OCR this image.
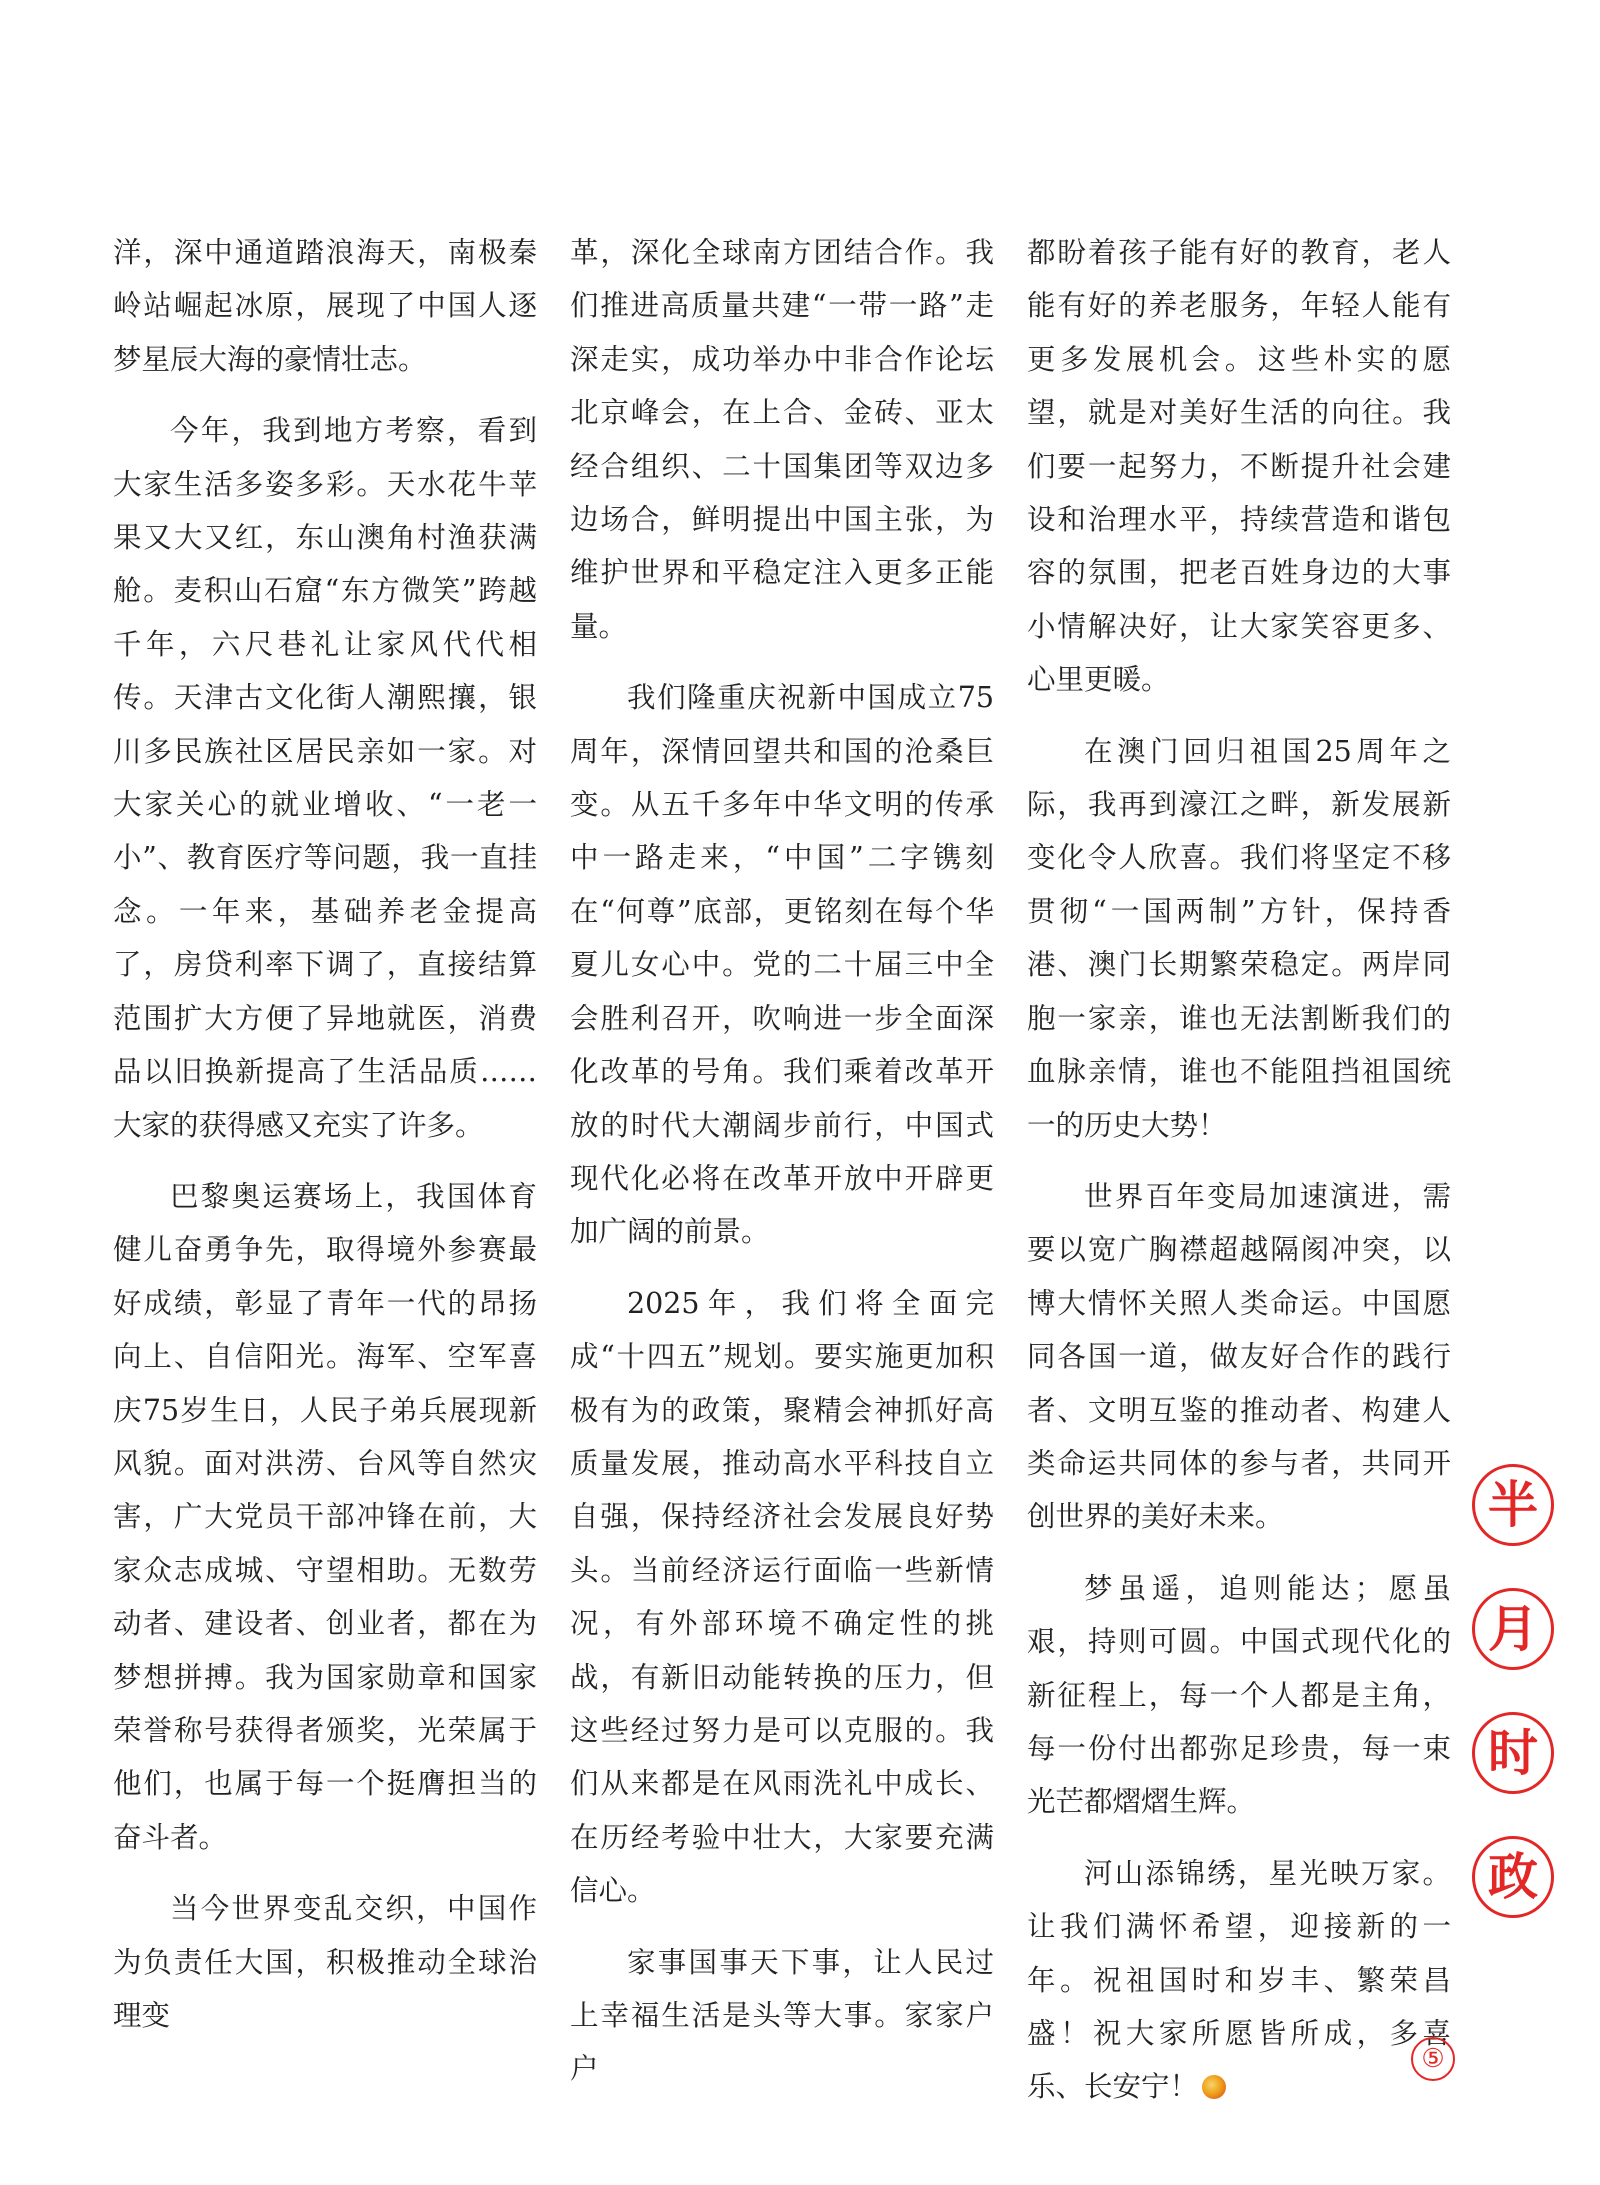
洋，深中通道踏浪海天，南极秦岭站崛起冰原，展现了中国人逐梦星辰大海的豪情壮志。

今年，我到地方考察，看到大家生活多姿多彩。天水花牛苹果又大又红，东山澳角村渔获满舱。麦积山石窟“东方微笑”跨越千年，六尺巷礼让家风代代相传。天津古文化街人潮熙攘，银川多民族社区居民亲如一家。对大家关心的就业增收、“一老一小”、教育医疗等问题，我一直挂念。一年来，基础养老金提高了，房贷利率下调了，直接结算范围扩大方便了异地就医，消费品以旧换新提高了生活品质……大家的获得感又充实了许多。

巴黎奥运赛场上，我国体育健儿奋勇争先，取得境外参赛最好成绩，彰显了青年一代的昂扬向上、自信阳光。海军、空军喜庆75岁生日，人民子弟兵展现新风貌。面对洪涝、台风等自然灾害，广大党员干部冲锋在前，大家众志成城、守望相助。无数劳动者、建设者、创业者，都在为梦想拼搏。我为国家勋章和国家荣誉称号获得者颁奖，光荣属于他们，也属于每一个挺膺担当的奋斗者。

当今世界变乱交织，中国作为负责任大国，积极推动全球治理变

革，深化全球南方团结合作。我们推进高质量共建“一带一路”走深走实，成功举办中非合作论坛北京峰会，在上合、金砖、亚太经合组织、二十国集团等双边多边场合，鲜明提出中国主张，为维护世界和平稳定注入更多正能量。

我们隆重庆祝新中国成立75周年，深情回望共和国的沧桑巨变。从五千多年中华文明的传承中一路走来，“中国”二字镌刻在“何尊”底部，更铭刻在每个华夏儿女心中。党的二十届三中全会胜利召开，吹响进一步全面深化改革的号角。我们乘着改革开放的时代大潮阔步前行，中国式现代化必将在改革开放中开辟更加广阔的前景。

2025年，我们将全面完成“十四五”规划。要实施更加积极有为的政策，聚精会神抓好高质量发展，推动高水平科技自立自强，保持经济社会发展良好势头。当前经济运行面临一些新情况，有外部环境不确定性的挑战，有新旧动能转换的压力，但这些经过努力是可以克服的。我们从来都是在风雨洗礼中成长、在历经考验中壮大，大家要充满信心。

家事国事天下事，让人民过上幸福生活是头等大事。家家户户

都盼着孩子能有好的教育，老人能有好的养老服务，年轻人能有更多发展机会。这些朴实的愿望，就是对美好生活的向往。我们要一起努力，不断提升社会建设和治理水平，持续营造和谐包容的氛围，把老百姓身边的大事小情解决好，让大家笑容更多、心里更暖。

在澳门回归祖国25周年之际，我再到濠江之畔，新发展新变化令人欣喜。我们将坚定不移贯彻“一国两制”方针，保持香港、澳门长期繁荣稳定。两岸同胞一家亲，谁也无法割断我们的血脉亲情，谁也不能阻挡祖国统一的历史大势！

世界百年变局加速演进，需要以宽广胸襟超越隔阂冲突，以博大情怀关照人类命运。中国愿同各国一道，做友好合作的践行者、文明互鉴的推动者、构建人类命运共同体的参与者，共同开创世界的美好未来。

梦虽遥，追则能达；愿虽艰，持则可圆。中国式现代化的新征程上，每一个人都是主角，每一份付出都弥足珍贵，每一束光芒都熠熠生辉。

河山添锦绣，星光映万家。让我们满怀希望，迎接新的一年。祝祖国时和岁丰、繁荣昌盛！祝大家所愿皆所成，多喜乐、长安宁！

半
月
时
政
⑤
